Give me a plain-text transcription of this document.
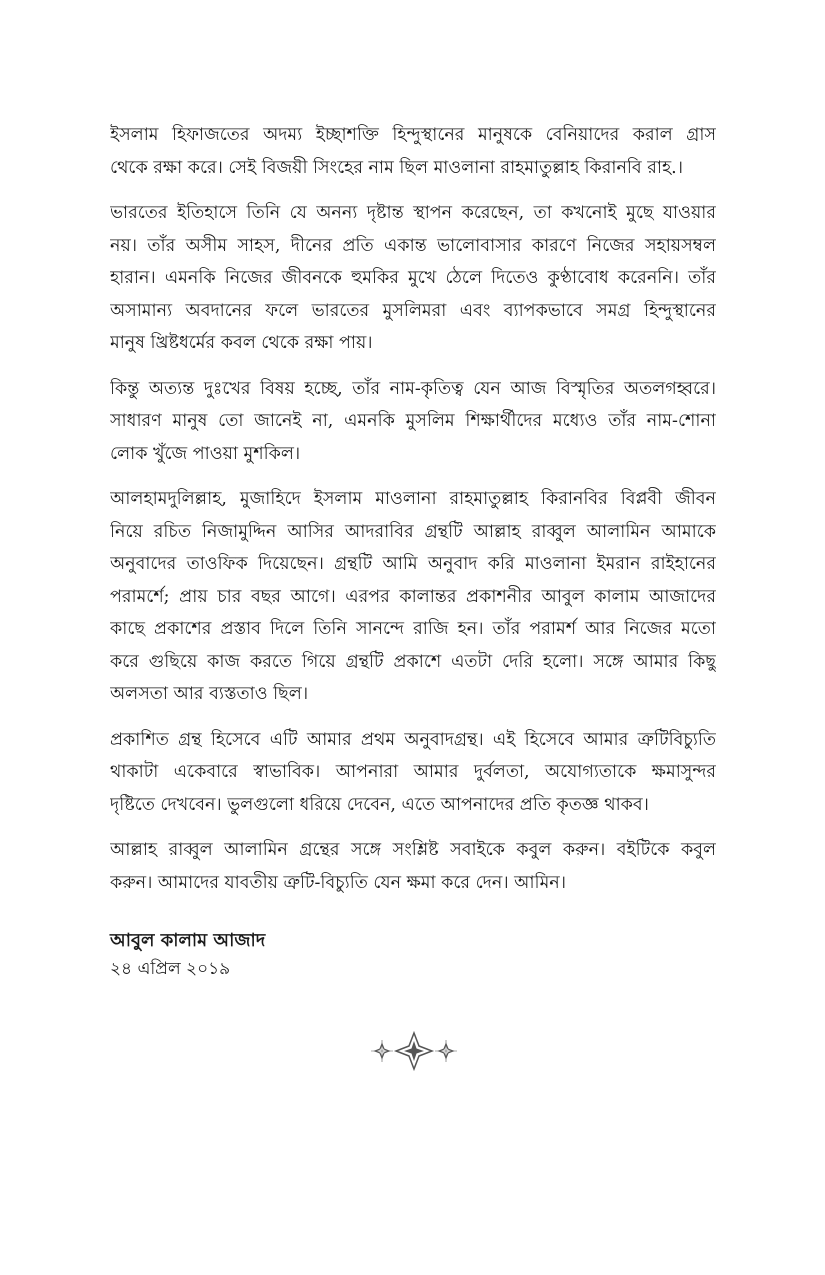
ইসলাম হিফাজতের অদম্য ইচ্ছাশক্তি হিন্দুস্থানের মানুষকে বেনিয়াদের করাল গ্রাস
থেকে রক্ষা করে। সেই বিজয়ী সিংহের নাম ছিল মাওলানা রাহমাতুল্লাহ কিরানবি রাহ.।

ভারতের ইতিহাসে তিনি যে অনন্য দৃষ্টান্ত স্থাপন করেছেন, তা কখনোই মুছে যাওয়ার
নয়। তাঁর অসীম সাহস, দীনের প্রতি একান্ত ভালোবাসার কারণে নিজের সহায়সম্বল
হারান। এমনকি নিজের জীবনকে হুমকির মুখে ঠেলে দিতেও কুণ্ঠাবোধ করেননি। তাঁর
অসামান্য অবদানের ফলে ভারতের মুসলিমরা এবং ব্যাপকভাবে সমগ্র হিন্দুস্থানের
মানুষ খ্রিষ্টধর্মের কবল থেকে রক্ষা পায়।

কিন্তু অত্যন্ত দুঃখের বিষয় হচ্ছে, তাঁর নাম-কৃতিত্ব যেন আজ বিস্মৃতির অতলগহ্বরে।
সাধারণ মানুষ তো জানেই না, এমনকি মুসলিম শিক্ষার্থীদের মধ্যেও তাঁর নাম-শোনা
লোক খুঁজে পাওয়া মুশকিল।

আলহামদুলিল্লাহ, মুজাহিদে ইসলাম মাওলানা রাহমাতুল্লাহ কিরানবির বিপ্লবী জীবন
নিয়ে রচিত নিজামুদ্দিন আসির আদরাবির গ্রন্থটি আল্লাহ রাব্বুল আলামিন আমাকে
অনুবাদের তাওফিক দিয়েছেন। গ্রন্থটি আমি অনুবাদ করি মাওলানা ইমরান রাইহানের
পরামর্শে; প্রায় চার বছর আগে। এরপর কালান্তর প্রকাশনীর আবুল কালাম আজাদের
কাছে প্রকাশের প্রস্তাব দিলে তিনি সানন্দে রাজি হন। তাঁর পরামর্শ আর নিজের মতো
করে গুছিয়ে কাজ করতে গিয়ে গ্রন্থটি প্রকাশে এতটা দেরি হলো। সঙ্গে আমার কিছু
অলসতা আর ব্যস্ততাও ছিল।

প্রকাশিত গ্রন্থ হিসেবে এটি আমার প্রথম অনুবাদগ্রন্থ। এই হিসেবে আমার ত্রুটিবিচ্যুতি
থাকাটা একেবারে স্বাভাবিক। আপনারা আমার দুর্বলতা, অযোগ্যতাকে ক্ষমাসুন্দর
দৃষ্টিতে দেখবেন। ভুলগুলো ধরিয়ে দেবেন, এতে আপনাদের প্রতি কৃতজ্ঞ থাকব।

আল্লাহ রাব্বুল আলামিন গ্রন্থের সঙ্গে সংশ্লিষ্ট সবাইকে কবুল করুন। বইটিকে কবুল
করুন। আমাদের যাবতীয় ত্রুটি-বিচ্যুতি যেন ক্ষমা করে দেন। আমিন।

আবুল কালাম আজাদ
২৪ এপ্রিল ২০১৯
